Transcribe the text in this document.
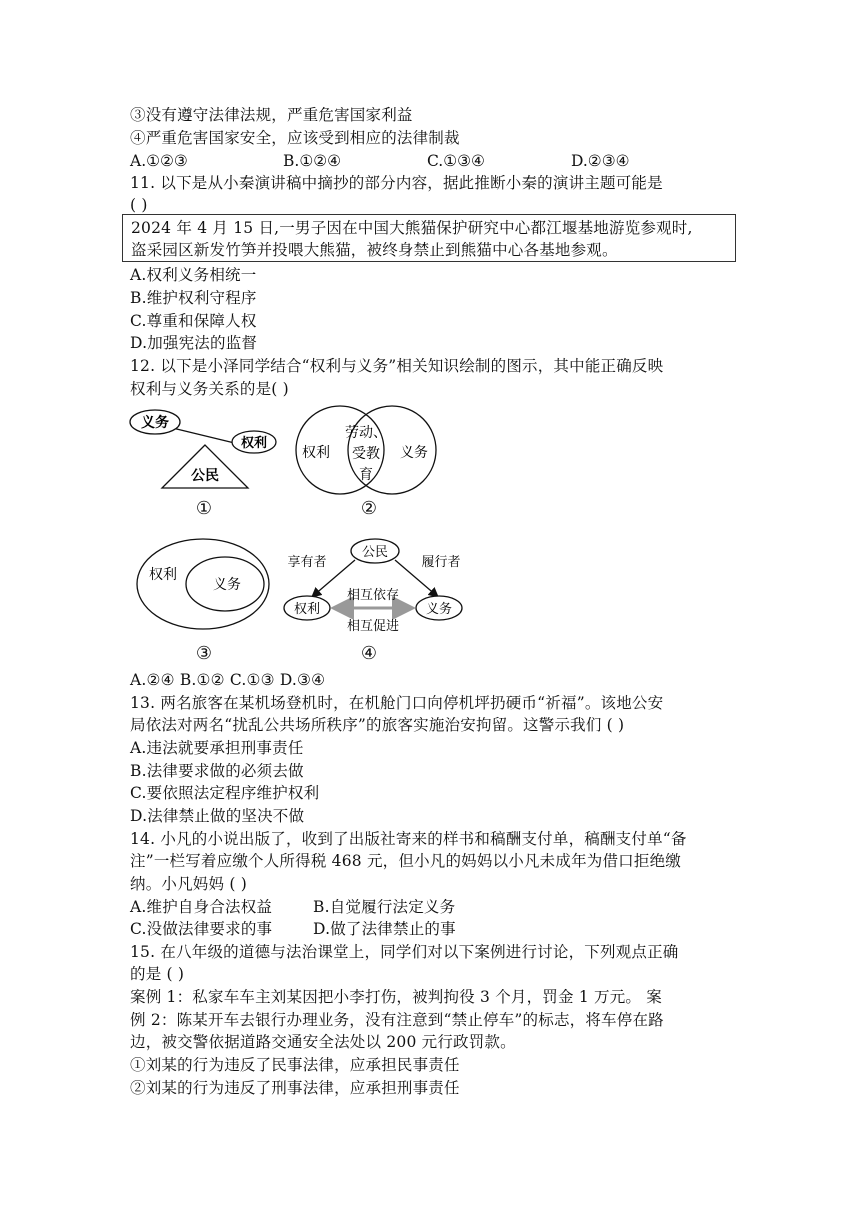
③没有遵守法律法规，严重危害国家利益
④严重危害国家安全，应该受到相应的法律制裁
A.①②③	B.①②④	C.①③④	D.②③④
11. 以下是从小秦演讲稿中摘抄的部分内容，据此推断小秦的演讲主题可能是
( )
2024 年 4 月 15 日,一男子因在中国大熊猫保护研究中心都江堰基地游览参观时,
盗采园区新发竹笋并投喂大熊猫，被终身禁止到熊猫中心各基地参观。
A.权利义务相统一
B.维护权利守程序
C.尊重和保障人权
D.加强宪法的监督
12. 以下是小泽同学结合“权利与义务”相关知识绘制的图示，其中能正确反映
权利与义务关系的是( )
义务
权利
公民
①
权利
劳动、
受教
育
义务
②
权利
义务
③
公民
享有者	履行者
权利	义务
相互依存
相互促进
④
A.②④ B.①② C.①③ D.③④
13. 两名旅客在某机场登机时，在机舱门口向停机坪扔硬币“祈福”。该地公安
局依法对两名“扰乱公共场所秩序”的旅客实施治安拘留。这警示我们 ( )
A.违法就要承担刑事责任
B.法律要求做的必须去做
C.要依照法定程序维护权利
D.法律禁止做的坚决不做
14. 小凡的小说出版了，收到了出版社寄来的样书和稿酬支付单，稿酬支付单“备
注”一栏写着应缴个人所得税 468 元，但小凡的妈妈以小凡未成年为借口拒绝缴
纳。小凡妈妈 ( )
A.维护自身合法权益	B.自觉履行法定义务
C.没做法律要求的事	D.做了法律禁止的事
15. 在八年级的道德与法治课堂上，同学们对以下案例进行讨论，下列观点正确
的是 ( )
案例 1：私家车车主刘某因把小李打伤，被判拘役 3 个月，罚金 1 万元。 案
例 2：陈某开车去银行办理业务，没有注意到“禁止停车”的标志，将车停在路
边，被交警依据道路交通安全法处以 200 元行政罚款。
①刘某的行为违反了民事法律，应承担民事责任
②刘某的行为违反了刑事法律，应承担刑事责任
